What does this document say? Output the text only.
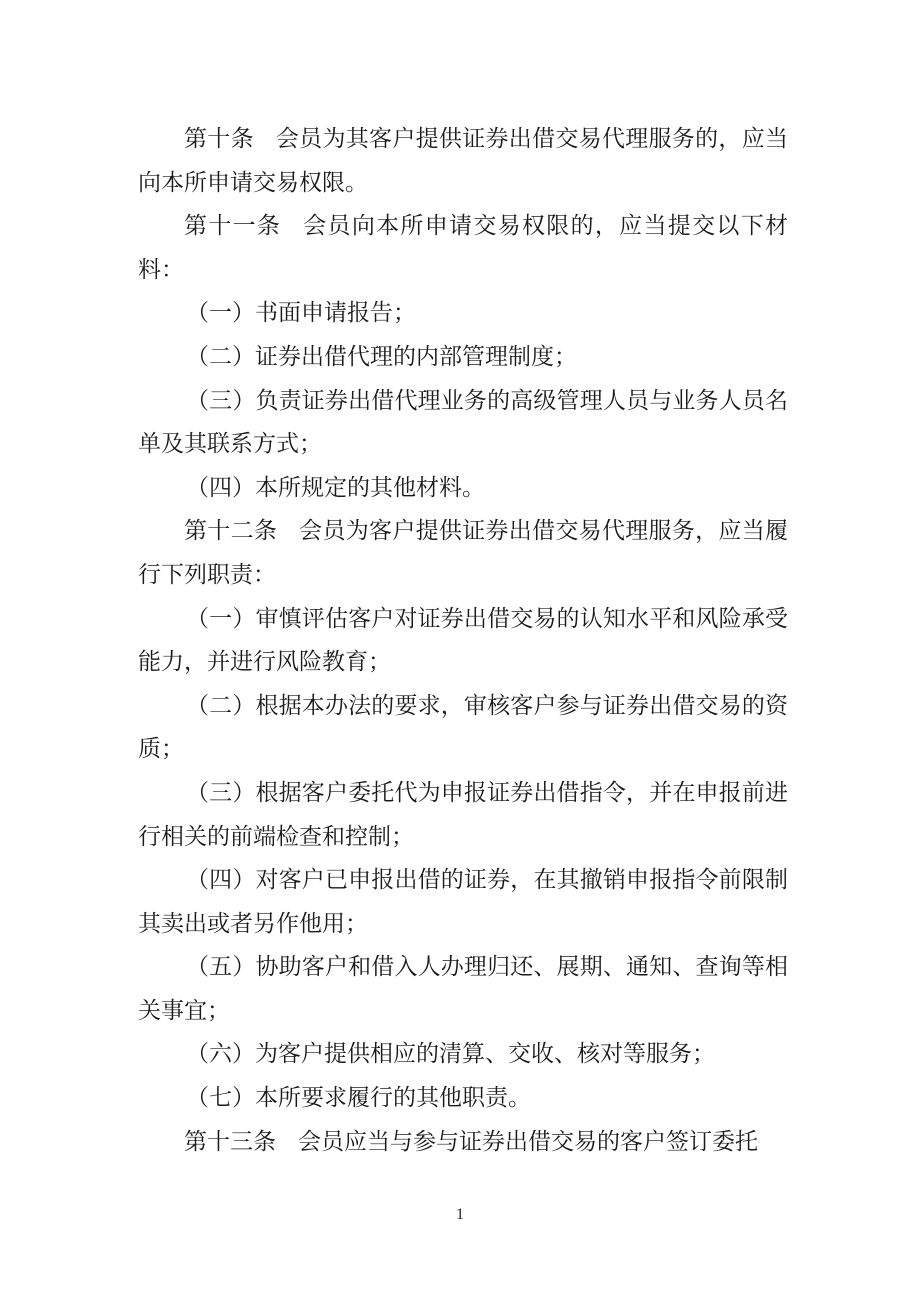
第十条 会员为其客户提供证券出借交易代理服务的，应当向本所申请交易权限。

第十一条 会员向本所申请交易权限的，应当提交以下材料：

（一）书面申请报告；

（二）证券出借代理的内部管理制度；

（三）负责证券出借代理业务的高级管理人员与业务人员名单及其联系方式；

（四）本所规定的其他材料。

第十二条 会员为客户提供证券出借交易代理服务，应当履行下列职责：

（一）审慎评估客户对证券出借交易的认知水平和风险承受能力，并进行风险教育；

（二）根据本办法的要求，审核客户参与证券出借交易的资质；

（三）根据客户委托代为申报证券出借指令，并在申报前进行相关的前端检查和控制；

（四）对客户已申报出借的证券，在其撤销申报指令前限制其卖出或者另作他用；

（五）协助客户和借入人办理归还、展期、通知、查询等相关事宜；

（六）为客户提供相应的清算、交收、核对等服务；

（七）本所要求履行的其他职责。

第十三条 会员应当与参与证券出借交易的客户签订委托

1
